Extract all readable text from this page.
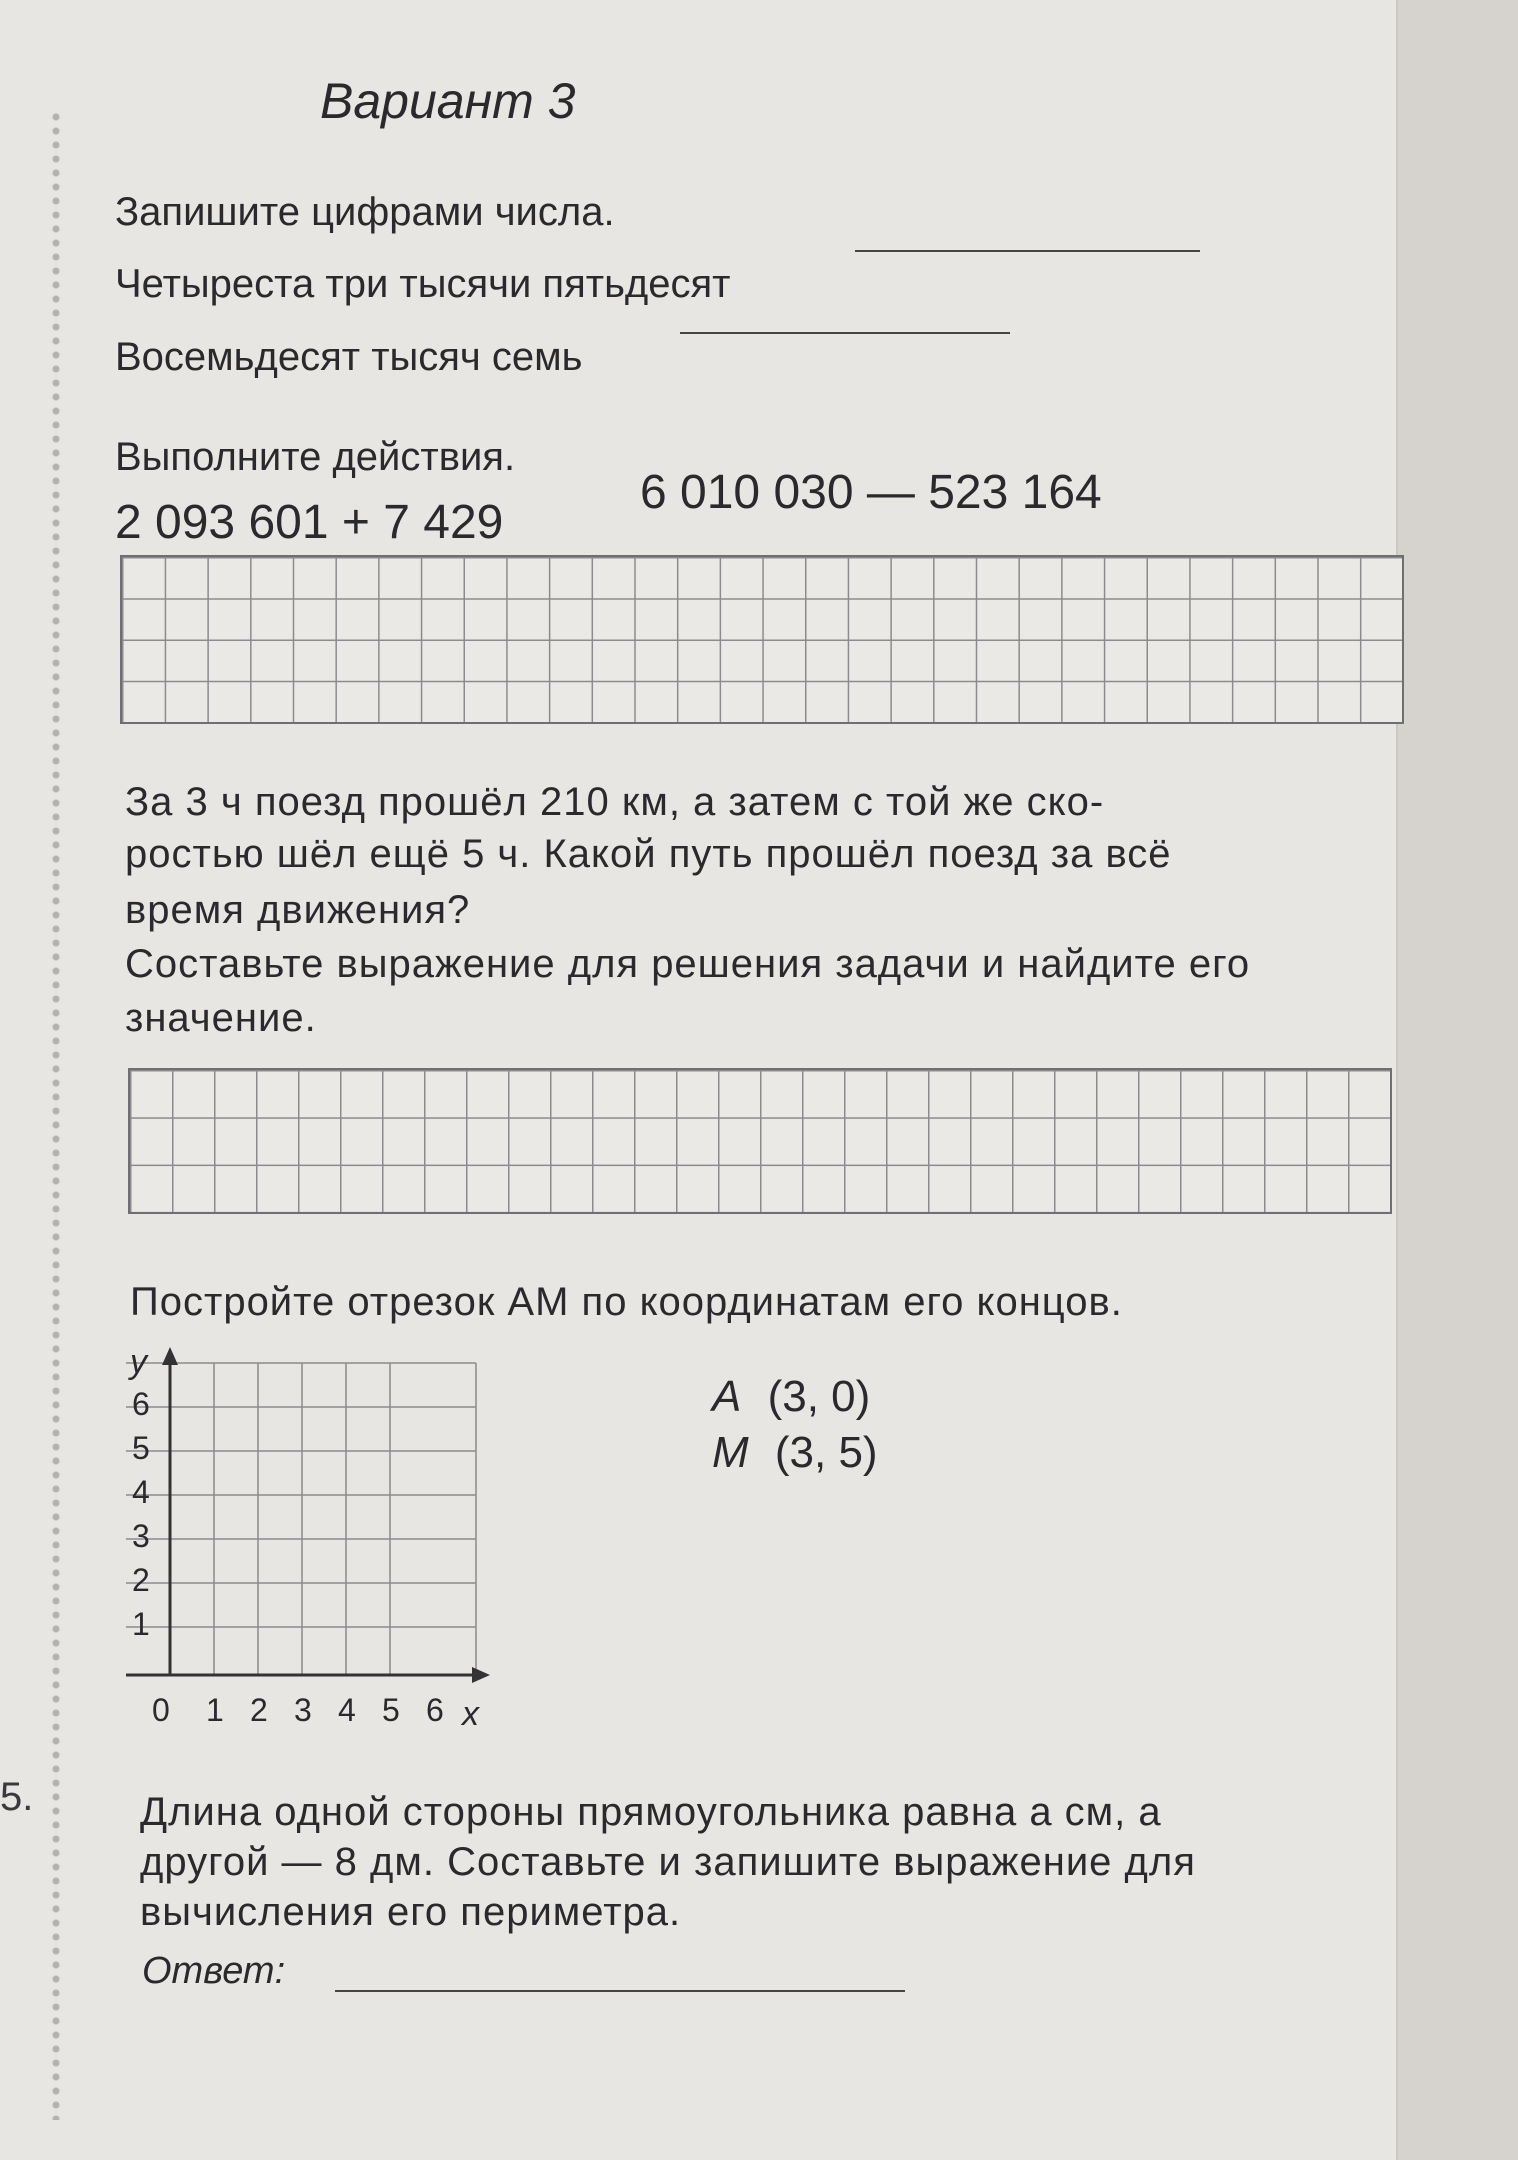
Вариант 3
Запишите цифрами числа.
Четыреста три тысячи пятьдесят
Восемьдесят тысяч семь
Выполните действия.
2 093 601 + 7 429
6 010 030 — 523 164
За 3 ч поезд прошёл 210 км, а затем с той же ско-
ростью шёл ещё 5 ч. Какой путь прошёл поезд за всё
время движения?
Составьте выражение для решения задачи и найдите его
значение.
Постройте отрезок AM по координатам его концов.
y
x
6
5
4
3
2
1
0 1 2 3 4 5 6
A (3, 0)
M (3, 5)
5.	Длина одной стороны прямоугольника равна a см, а
другой — 8 дм. Составьте и запишите выражение для
вычисления его периметра.
Ответ:
